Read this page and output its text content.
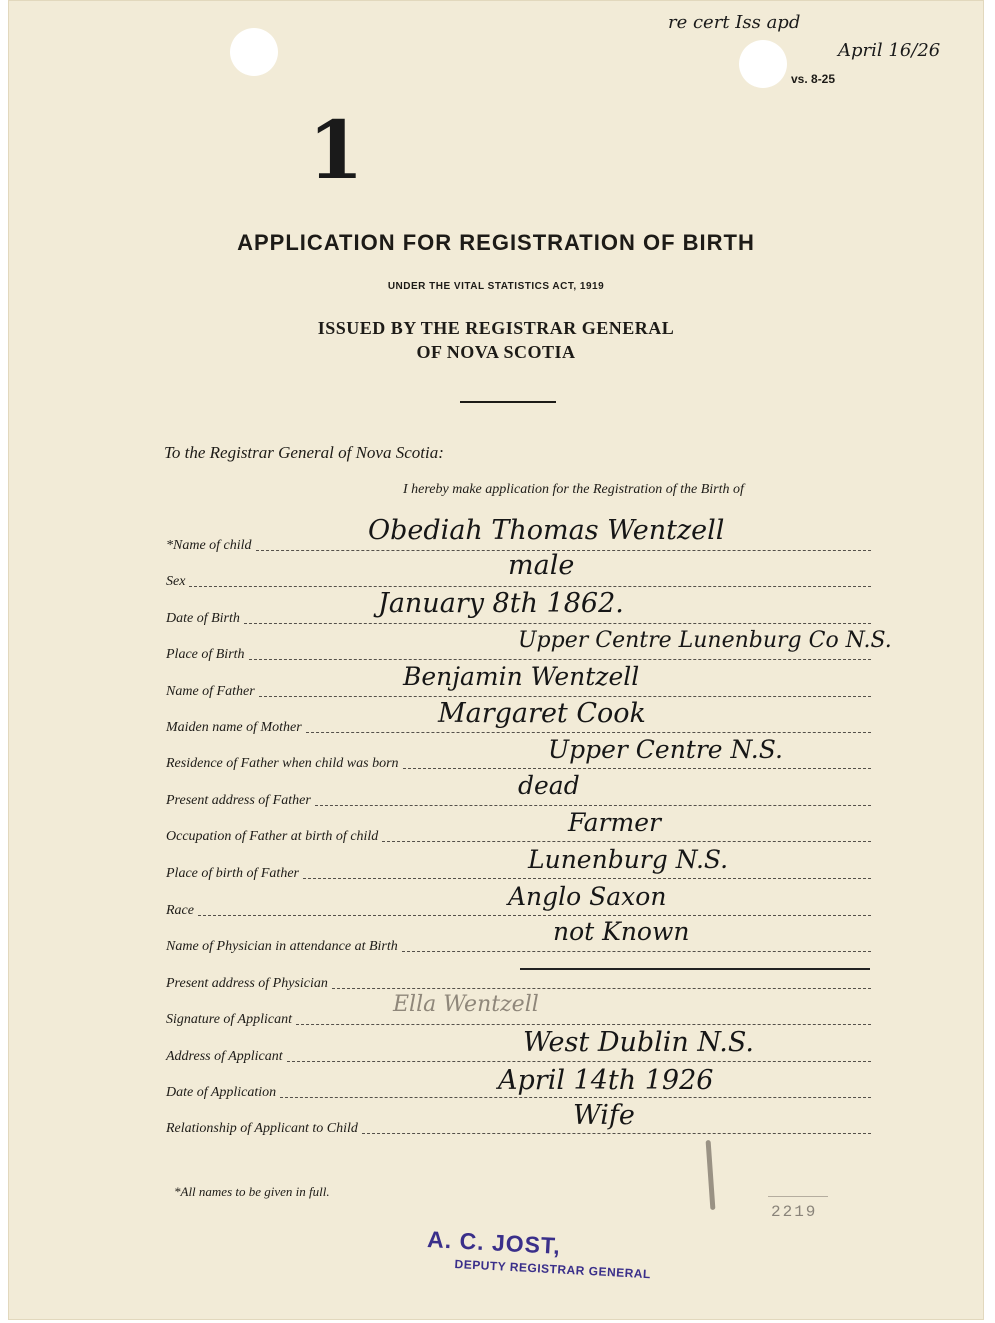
re cert Iss apd
April 16/26
vs. 8-25
1
APPLICATION FOR REGISTRATION OF BIRTH
UNDER THE VITAL STATISTICS ACT, 1919
ISSUED BY THE REGISTRAR GENERAL
OF NOVA SCOTIA
To the Registrar General of Nova Scotia:
I hereby make application for the Registration of the Birth of
*Name of child
Sex
Date of Birth
Place of Birth
Name of Father
Maiden name of Mother
Residence of Father when child was born
Present address of Father
Occupation of Father at birth of child
Place of birth of Father
Race
Name of Physician in attendance at Birth
Present address of Physician
Signature of Applicant
Address of Applicant
Date of Application
Relationship of Applicant to Child
Obediah Thomas Wentzell
male
January 8th 1862.
Upper Centre Lunenburg Co N.S.
Benjamin Wentzell
Margaret Cook
Upper Centre N.S.
dead
Farmer
Lunenburg N.S.
Anglo Saxon
not Known
Ella Wentzell
West Dublin N.S.
April 14th 1926
Wife
*All names to be given in full.
2219
A. C. JOST,
DEPUTY REGISTRAR GENERAL
